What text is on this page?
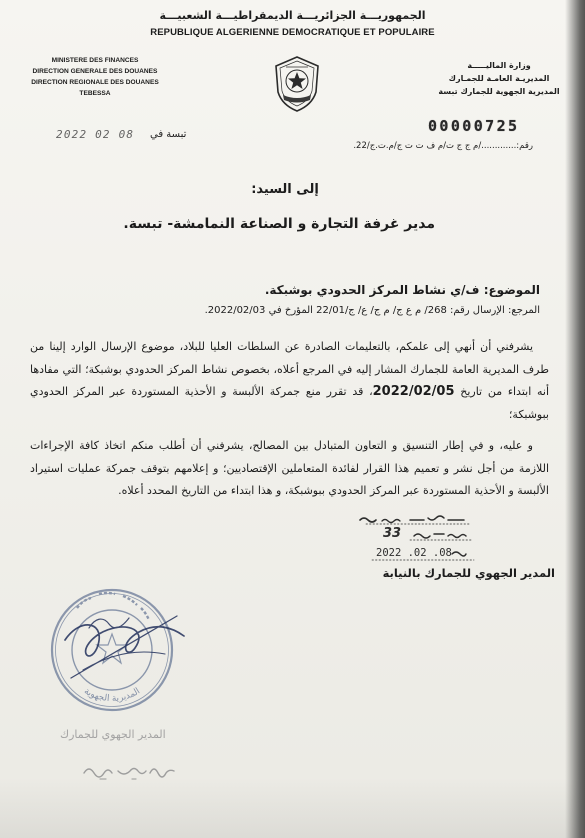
الجمهوريـــة الجزائريـــة الديمقراطيـــة الشعبيـــة
REPUBLIQUE ALGERIENNE DEMOCRATIQUE ET POPULAIRE
MINISTERE DES FINANCES
DIRECTION GENERALE DES DOUANES
DIRECTION REGIONALE DES DOUANES
TEBESSA
وزارة الماليـــــة
المديريـة العامـة للجمـارك
المديرية الجهوية للجمارك تبسة
00000725
رقم:............./م ج ج ت/م ف ت ت ج/م.ت.ج/22.
تبسة في
2022 02 08
إلى السيد:
مدير غرفة التجارة و الصناعة النمامشة- تبسة.
الموضوع: ف/ي نشاط المركز الحدودي بوشبكة.
المرجع: الإرسال رقم: 268/ م ع ج/ م ج/ ع/ ج/22/01 المؤرخ في 2022/02/03.

يشرفني أن أنهي إلى علمكم، بالتعليمات الصادرة عن السلطات العليا للبلاد، موضوع الإرسال الوارد إلينا من طرف المديرية العامة للجمارك المشار إليه في المرجع أعلاه، بخصوص نشاط المركز الحدودي بوشبكة؛ التي مفادها أنه ابتداء من تاريخ 2022/02/05، قد تقرر منع جمركة الألبسة و الأحذية المستوردة عبر المركز الحدودي ببوشبكة؛

و عليه، و في إطار التنسيق و التعاون المتبادل بين المصالح، يشرفني أن أطلب منكم اتخاذ كافة الإجراءات اللازمة من أجل نشر و تعميم هذا القرار لفائدة المتعاملين الإقتصاديين؛ و إعلامهم بتوقف جمركة عمليات استيراد الألبسة و الأحذية المستوردة عبر المركز الحدودي ببوشبكة، و هذا ابتداء من التاريخ المحدد أعلاه.

33
2022 .02 .08
المدير الجهوي للجمارك بالنيابة
المديرية الجهوية
المدير الجهوي للجمارك
